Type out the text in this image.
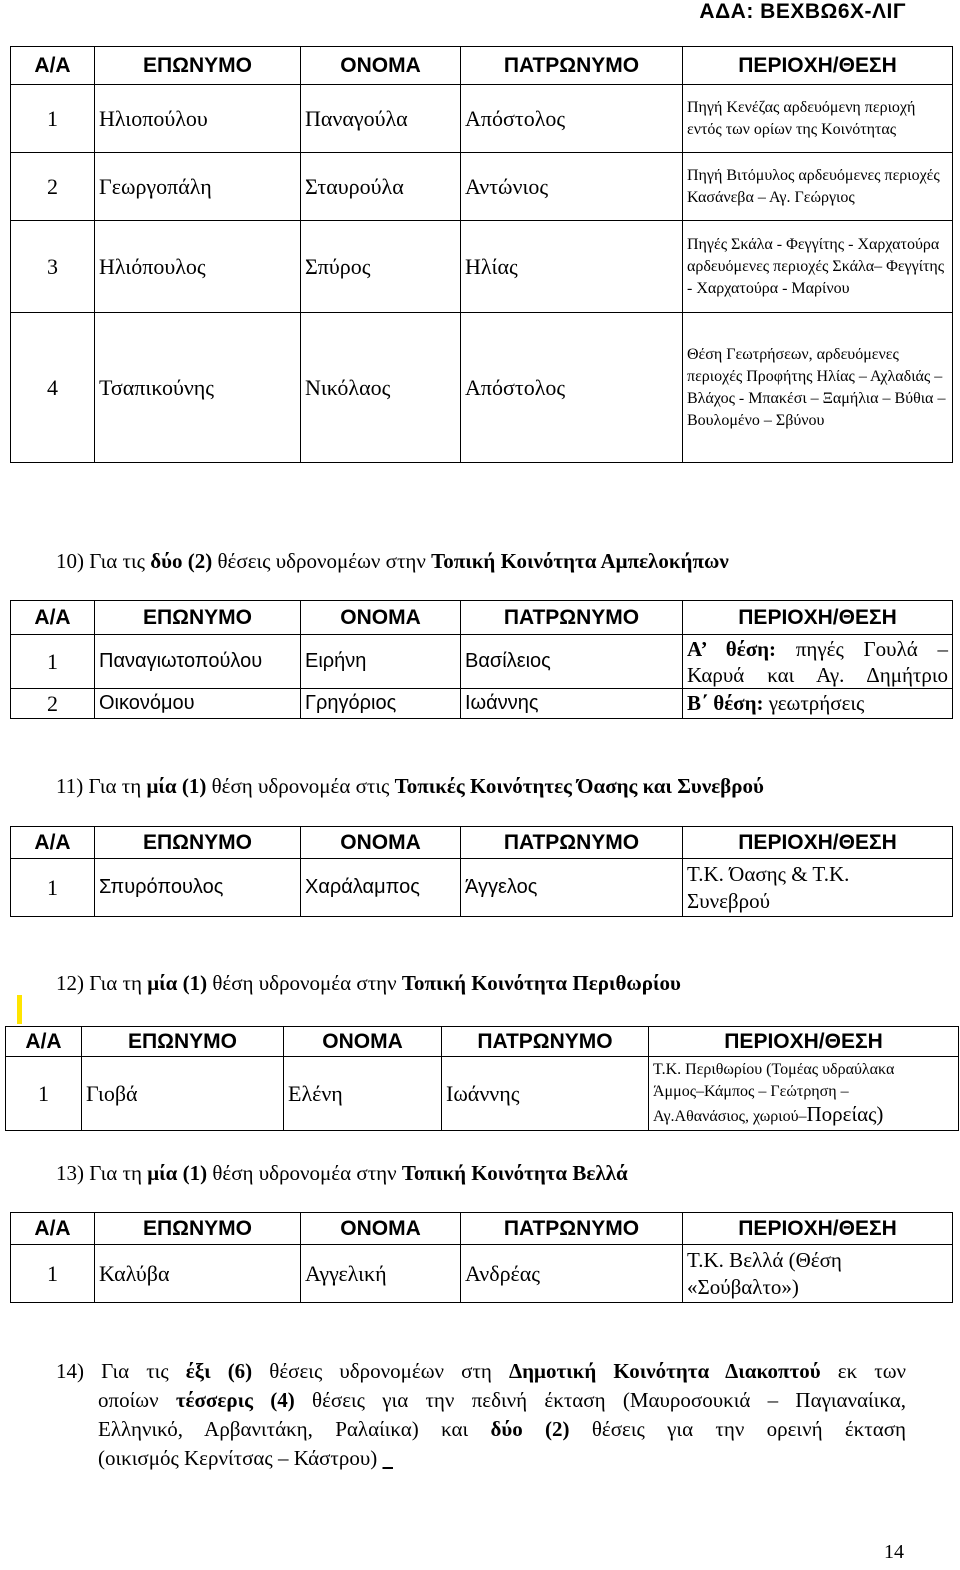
ΑΔΑ: ΒΕΧΒΩ6Χ-ΛΙΓ
Α/Α	ΕΠΩΝΥΜΟ	ΟΝΟΜΑ	ΠΑΤΡΩΝΥΜΟ	ΠΕΡΙΟΧΗ/ΘΕΣΗ
1	Ηλιοπούλου	Παναγούλα	Απόστολος	Πηγή Κενέζας αρδευόμενη περιοχή εντός των ορίων της Κοινότητας
2	Γεωργοπάλη	Σταυρούλα	Αντώνιος	Πηγή Βιτόμυλος αρδευόμενες περιοχές Κασάνεβα – Αγ. Γεώργιος
3	Ηλιόπουλος	Σπύρος	Ηλίας	Πηγές Σκάλα - Φεγγίτης - Χαρχατούρα αρδευόμενες περιοχές Σκάλα– Φεγγίτης - Χαρχατούρα - Μαρίνου
4	Τσαπικούνης	Νικόλαος	Απόστολος	Θέση Γεωτρήσεων, αρδευόμενες περιοχές Προφήτης Ηλίας – Αχλαδιάς – Βλάχος - Μπακέσι – Ξαμήλια – Βύθια – Βουλομένο – Σβύνου
10) Για τις δύο (2) θέσεις υδρονομέων στην Τοπική Κοινότητα Αμπελοκήπων
Α/Α	ΕΠΩΝΥΜΟ	ΟΝΟΜΑ	ΠΑΤΡΩΝΥΜΟ	ΠΕΡΙΟΧΗ/ΘΕΣΗ
1	Παναγιωτοπούλου	Ειρήνη	Βασίλειος	Α’ θέση: πηγές Γουλά – Καρυά και Αγ. Δημήτριο
2	Οικονόμου	Γρηγόριος	Ιωάννης	Β΄ θέση: γεωτρήσεις
11) Για τη μία (1) θέση υδρονομέα στις Τοπικές Κοινότητες Όασης και Συνεβρού
Α/Α	ΕΠΩΝΥΜΟ	ΟΝΟΜΑ	ΠΑΤΡΩΝΥΜΟ	ΠΕΡΙΟΧΗ/ΘΕΣΗ
1	Σπυρόπουλος	Χαράλαμπος	Άγγελος	Τ.Κ. Όασης & Τ.Κ. Συνεβρού
12) Για τη μία (1) θέση υδρονομέα στην Τοπική Κοινότητα Περιθωρίου
Α/Α	ΕΠΩΝΥΜΟ	ΟΝΟΜΑ	ΠΑΤΡΩΝΥΜΟ	ΠΕΡΙΟΧΗ/ΘΕΣΗ
1	Γιοβά	Ελένη	Ιωάννης	Τ.Κ. Περιθωρίου (Τομέας υδραύλακα
Άμμος–Κάμπος – Γεώτρηση –
Αγ.Αθανάσιος, χωριού–Πορείας)
13) Για τη μία (1) θέση υδρονομέα στην Τοπική Κοινότητα Βελλά
Α/Α	ΕΠΩΝΥΜΟ	ΟΝΟΜΑ	ΠΑΤΡΩΝΥΜΟ	ΠΕΡΙΟΧΗ/ΘΕΣΗ
1	Καλύβα	Αγγελική	Ανδρέας	Τ.Κ. Βελλά (Θέση «Σούβαλτο»)
14) Για τις έξι (6) θέσεις υδρονομέων στη Δημοτική Κοινότητα Διακοπτού εκ των
οποίων τέσσερις (4) θέσεις για την πεδινή έκταση (Μαυροσουκιά – Παγιαναίικα,
Ελληνικό, Αρβανιτάκη, Ραλαίικα) και δύο (2) θέσεις για την ορεινή έκταση
(οικισμός Κερνίτσας – Κάστρου)
14
